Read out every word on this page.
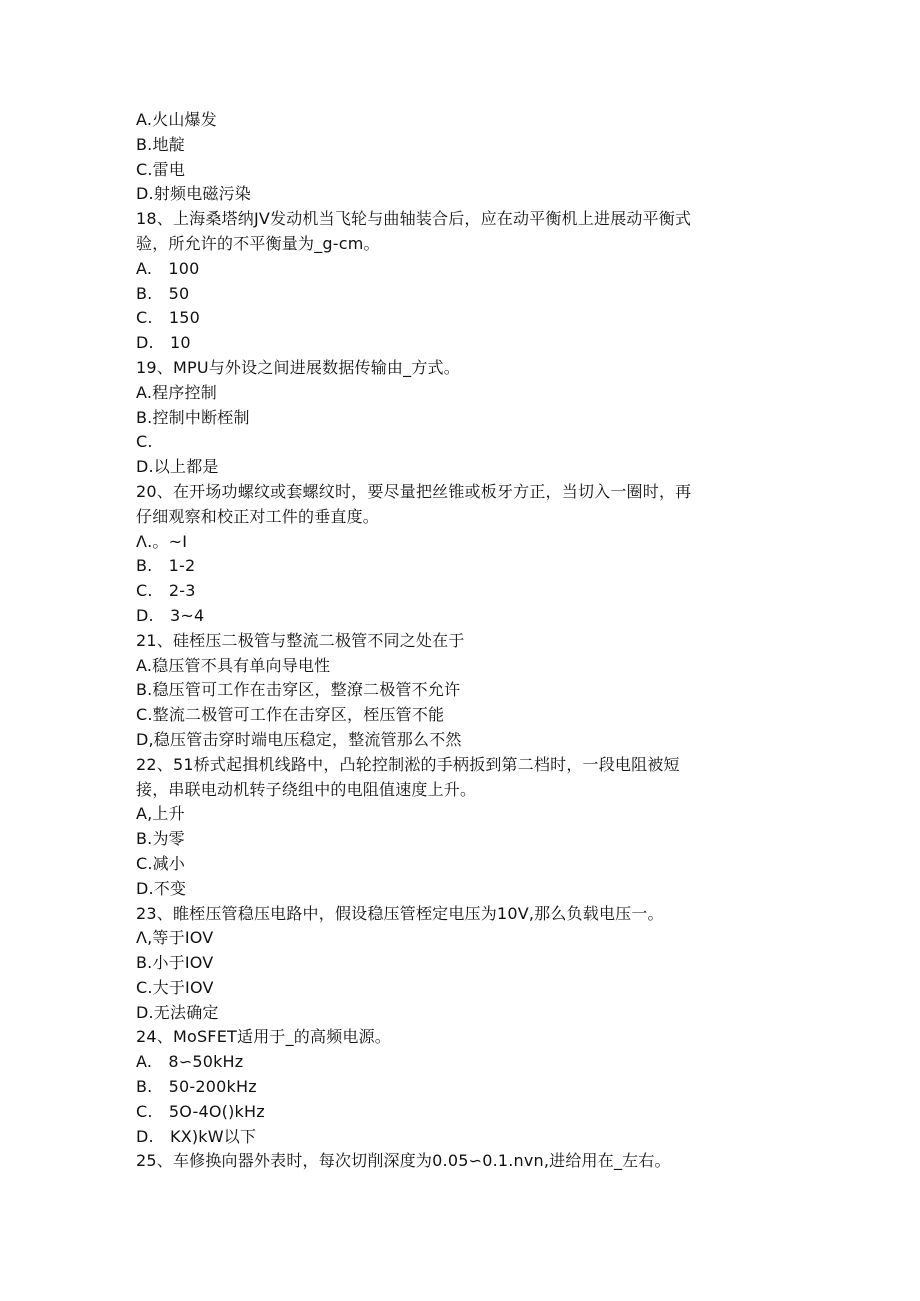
A.火山爆发
B.地靛
C.雷电
D.射频电磁污染
18、上海桑塔纳JV发动机当飞轮与曲轴装合后，应在动平衡机上进展动平衡式
验，所允许的不平衡量为_g-cm。
A.　100
B.　50
C.　150
D.　10
19、MPU与外设之间进展数据传输由_方式。
A.程序控制
B.控制中断桎制
C.
D.以上都是
20、在开场功螺纹或套螺纹时，要尽量把丝锥或板牙方正，当切入一圈时，再
仔细观察和校正对工件的垂直度。
Λ.。~I
B.　1-2
C.　2-3
D.　3~4
21、硅桎压二极管与整流二极管不同之处在于
A.稳压管不具有单向导电性
B.稳压管可工作在击穿区，整潦二极管不允许
C.整流二极管可工作在击穿区，桎压管不能
D,稳压管击穿时端电压稳定，整流管那么不然
22、51桥式起揖机线路中，凸轮控制淞的手柄扳到第二档时，一段电阻被短
接，串联电动机转子绕组中的电阻值速度上升。
A,上升
B.为零
C.减小
D.不变
23、睢桎压管稳压电路中，假设稳压管桎定电压为10V,那么负载电压一。
Λ,等于IOV
B.小于IOV
C.大于IOV
D.无法确定
24、MoSFET适用于_的高频电源。
A.　8∽50kHz
B.　50-200kHz
C.　5O-4O()kHz
D.　KX)kW以下
25、车修换向器外表时，每次切削深度为0.05∽0.1.nvn,进给用在_左右。
